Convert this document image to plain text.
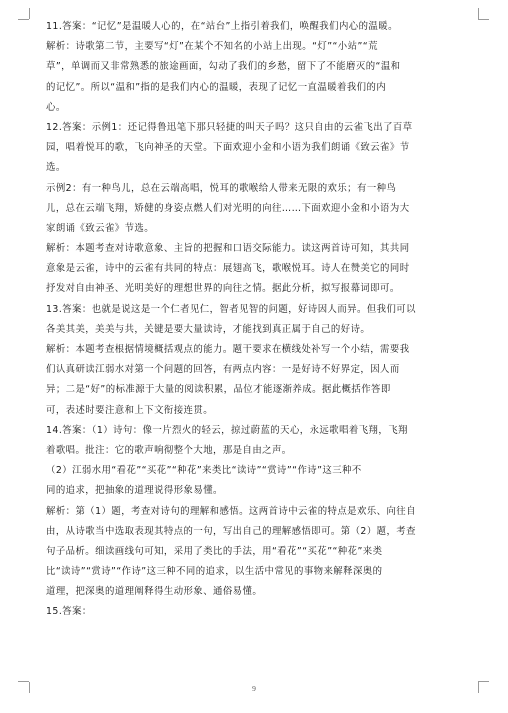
11.答案：“记忆”是温暖人心的，在“站台”上指引着我们，唤醒我们内心的温暖。
解析：诗歌第二节，主要写“灯”在某个不知名的小站上出现。“灯”“小站”“荒
草”，单调而又非常熟悉的旅途画面，勾动了我们的乡愁，留下了不能磨灭的“温和
的记忆”。所以“温和”指的是我们内心的温暖，表现了记忆一直温暖着我们的内
心。
12.答案：示例1：还记得鲁迅笔下那只轻捷的叫天子吗？这只自由的云雀飞出了百草
园，唱着悦耳的歌，飞向神圣的天堂。下面欢迎小金和小语为我们朗诵《致云雀》节
选。
示例2：有一种鸟儿，总在云端高唱，悦耳的歌喉给人带来无限的欢乐；有一种鸟
儿，总在云端飞翔，矫健的身姿点燃人们对光明的向往……下面欢迎小金和小语为大
家朗诵《致云雀》节选。
解析：本题考查对诗歌意象、主旨的把握和口语交际能力。读这两首诗可知，其共同
意象是云雀，诗中的云雀有共同的特点：展翅高飞，歌喉悦耳。诗人在赞美它的同时
抒发对自由神圣、光明美好的理想世界的向往之情。据此分析，拟写报幕词即可。
13.答案：也就是说这是一个仁者见仁，智者见智的问题，好诗因人而异。但我们可以
各美其美，美美与共，关键是要大量读诗，才能找到真正属于自己的好诗。
解析：本题考查根据情境概括观点的能力。题干要求在横线处补写一个小结，需要我
们认真研读江弱水对第一个问题的回答，有两点内容：一是好诗不好界定，因人而
异；二是“好”的标准源于大量的阅读积累，品位才能逐渐养成。据此概括作答即
可，表述时要注意和上下文衔接连贯。
14.答案：（1）诗句：像一片烈火的轻云，掠过蔚蓝的天心，永远歌唱着飞翔，飞翔
着歌唱。批注：它的歌声响彻整个大地，那是自由之声。
（2）江弱水用“看花”“买花”“种花”来类比“读诗”“赏诗”“作诗”这三种不
同的追求，把抽象的道理说得形象易懂。
解析：第（1）题，考查对诗句的理解和感悟。这两首诗中云雀的特点是欢乐、向往自
由，从诗歌当中选取表现其特点的一句，写出自己的理解感悟即可。第（2）题，考查
句子品析。细读画线句可知，采用了类比的手法，用“看花”“买花”“种花”来类
比“读诗”“赏诗”“作诗”这三种不同的追求，以生活中常见的事物来解释深奥的
道理，把深奥的道理阐释得生动形象、通俗易懂。
15.答案：
9
